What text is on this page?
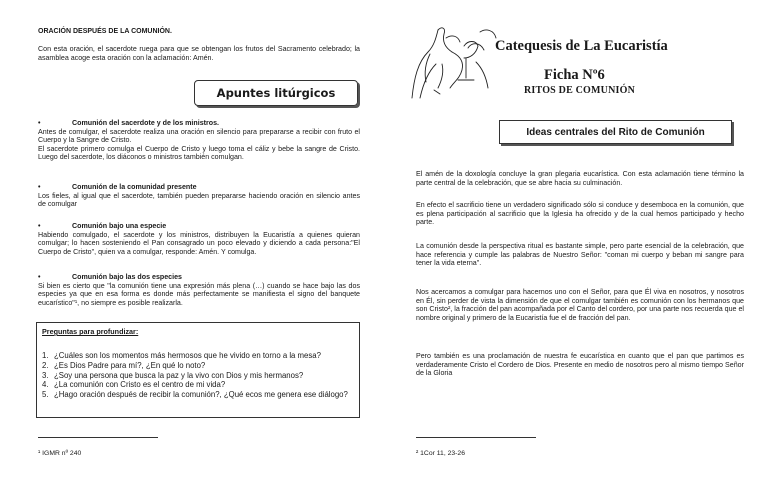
ORACIÓN DESPUÉS DE LA COMUNIÓN.
Con esta oración, el sacerdote ruega para que se obtengan los frutos del Sacramento celebrado; la asamblea acoge esta oración con la aclamación: Amén.
Apuntes litúrgicos
•	Comunión del sacerdote y de los ministros.
Antes de comulgar, el sacerdote realiza una oración en silencio para prepararse a recibir con fruto el Cuerpo y la Sangre de Cristo.
El sacerdote primero comulga el Cuerpo de Cristo y luego toma el cáliz y bebe la sangre de Cristo. Luego del sacerdote, los diáconos o ministros también comulgan.
•	Comunión de la comunidad presente
Los fieles, al igual que el sacerdote, también pueden prepararse haciendo oración en silencio antes de comulgar
•	Comunión bajo una especie
Habiendo comulgado, el sacerdote y los ministros, distribuyen la Eucaristía a quienes quieran comulgar; lo hacen sosteniendo el Pan consagrado un poco elevado y diciendo a cada persona:"El Cuerpo de Cristo", quien va a comulgar, responde: Amén. Y comulga.
•	Comunión bajo las dos especies
Si bien es cierto que "la comunión tiene una expresión más plena (…) cuando se hace bajo las dos especies ya que en esa forma es donde más perfectamente se manifiesta el signo del banquete eucarístico"¹, no siempre es posible realizarla.
Preguntas para profundizar:
1. ¿Cuáles son los momentos más hermosos que he vivido en torno a la mesa?
2. ¿Es Dios Padre para mí?, ¿En qué lo noto?
3. ¿Soy una persona que busca la paz y la vivo con Dios y mis hermanos?
4. ¿La comunión con Cristo es el centro de mi vida?
5. ¿Hago oración después de recibir la comunión?, ¿Qué ecos me genera ese diálogo?
¹ IGMR nº 240
Catequesis de La Eucaristía
Ficha Nº6
RITOS DE COMUNIÓN
Ideas centrales del Rito de Comunión
El amén de la doxología concluye la gran plegaria eucarística. Con esta aclamación tiene término la parte central de la celebración, que se abre hacia su culminación.
En efecto el sacrificio tiene un verdadero significado sólo si conduce y desemboca en la comunión, que es plena participación al sacrificio que la Iglesia ha ofrecido y de la cual hemos participado y hecho parte.
La comunión desde la perspectiva ritual es bastante simple, pero parte esencial de la celebración, que hace referencia y cumple las palabras de Nuestro Señor: "coman mi cuerpo y beban mi sangre para tener la vida eterna".
Nos acercamos a comulgar para hacernos uno con el Señor, para que Él viva en nosotros, y nosotros en Él, sin perder de vista la dimensión de que el comulgar también es comunión con los hermanos que son Cristo², la fracción del pan acompañada por el Canto del cordero, por una parte nos recuerda que el nombre original y primero de la Eucaristía fue el de fracción del pan.
Pero también es una proclamación de nuestra fe eucarística en cuanto que el pan que partimos es verdaderamente Cristo el Cordero de Dios. Presente en medio de nosotros pero al mismo tiempo Señor de la Gloria
² 1Cor 11, 23-26
